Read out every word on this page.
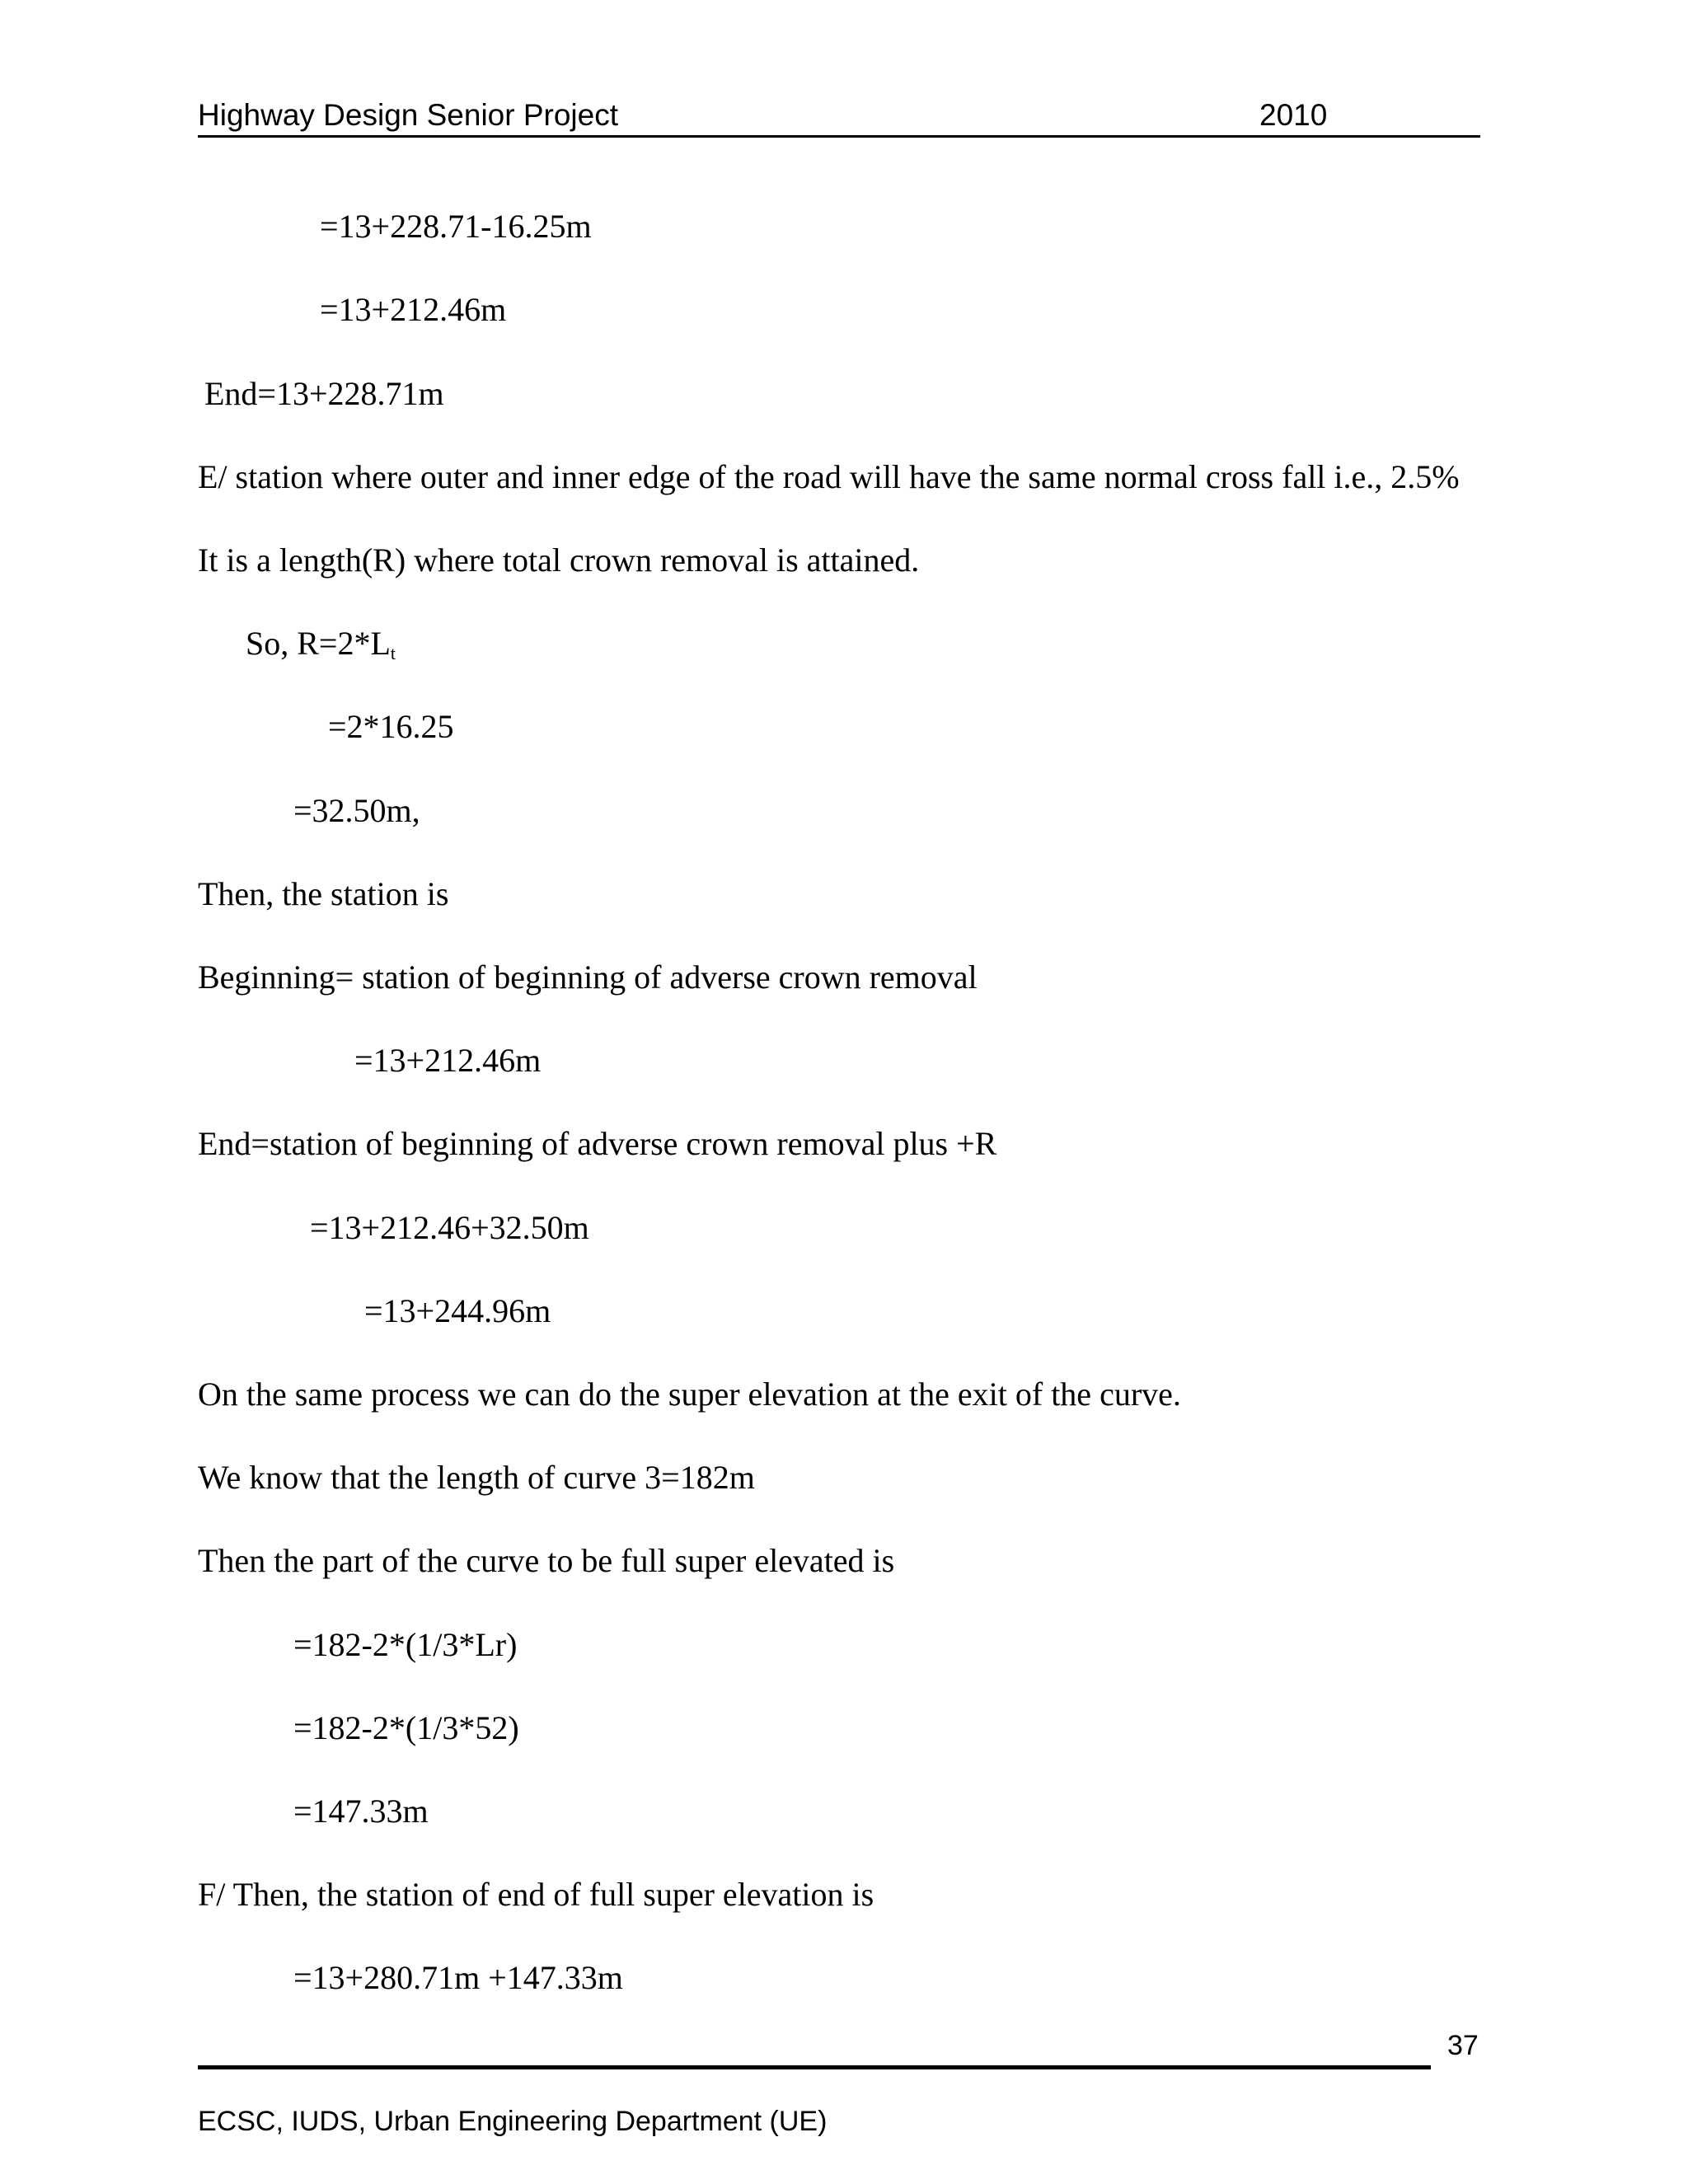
Highway Design Senior Project	2010
=13+228.71-16.25m
=13+212.46m
End=13+228.71m
E/ station where outer and inner edge of the road will have the same normal cross fall i.e., 2.5%
It is a length(R) where total crown removal is attained.
So, $R=2*L_t$
=2*16.25
=32.50m,
Then, the station is
Beginning= station of beginning of adverse crown removal
=13+212.46m
End=station of beginning of adverse crown removal plus +R
=13+212.46+32.50m
=13+244.96m
On the same process we can do the super elevation at the exit of the curve.
We know that the length of curve 3=182m
Then the part of the curve to be full super elevated is
=182-2*(1/3*Lr)
=182-2*(1/3*52)
=147.33m
F/ Then, the station of end of full super elevation is
=13+280.71m +147.33m
37
ECSC, IUDS, Urban Engineering Department (UE)
